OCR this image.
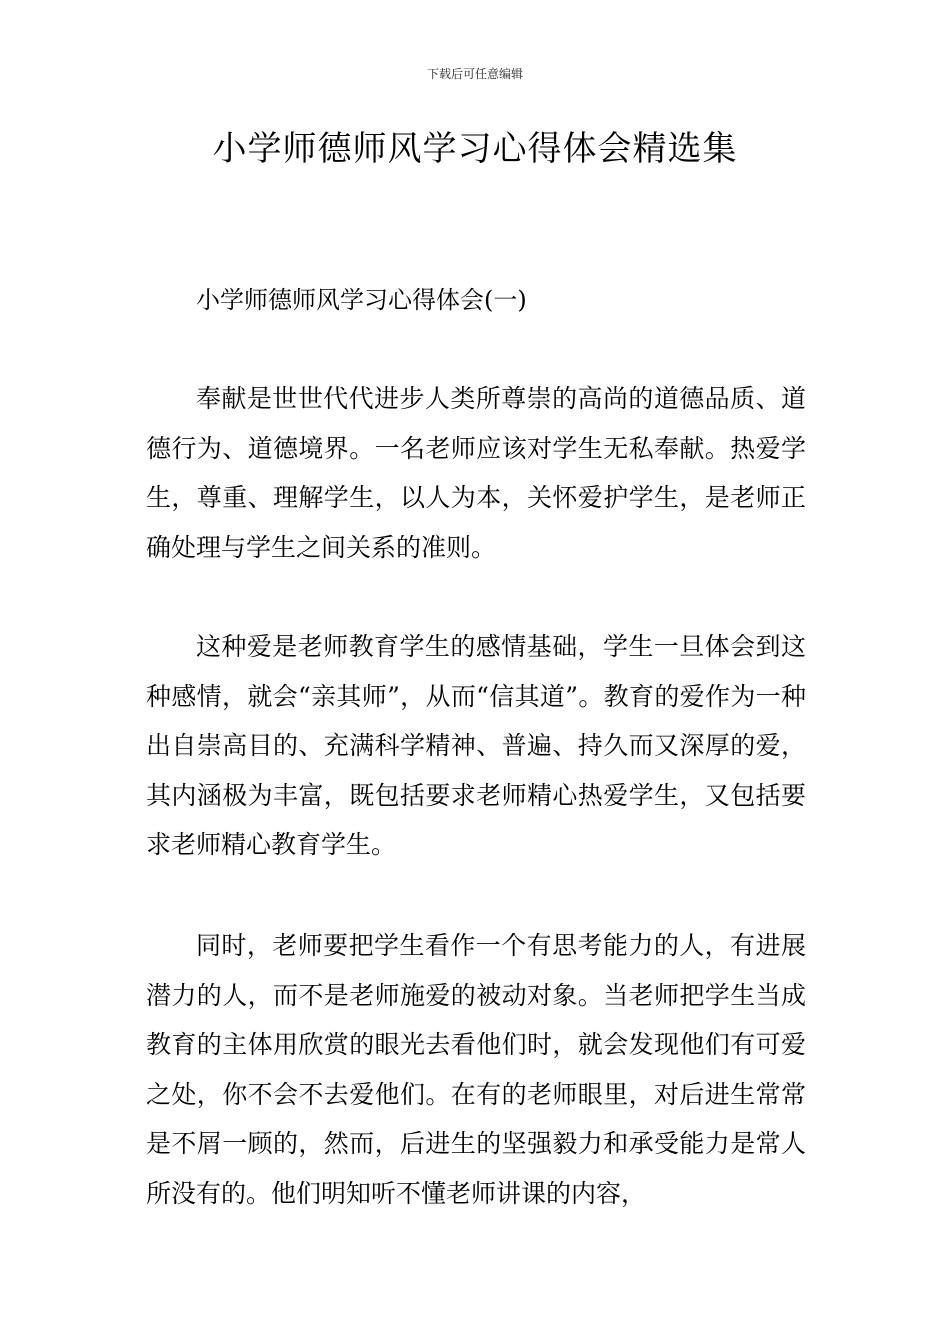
下载后可任意编辑
小学师德师风学习心得体会精选集
小学师德师风学习心得体会(一)

奉献是世世代代进步人类所尊崇的高尚的道德品质、道德行为、道德境界。一名老师应该对学生无私奉献。热爱学生，尊重、理解学生，以人为本，关怀爱护学生，是老师正确处理与学生之间关系的准则。

这种爱是老师教育学生的感情基础，学生一旦体会到这种感情，就会“亲其师”，从而“信其道”。教育的爱作为一种出自崇高目的、充满科学精神、普遍、持久而又深厚的爱，其内涵极为丰富，既包括要求老师精心热爱学生，又包括要求老师精心教育学生。

同时，老师要把学生看作一个有思考能力的人，有进展潜力的人，而不是老师施爱的被动对象。当老师把学生当成教育的主体用欣赏的眼光去看他们时，就会发现他们有可爱之处，你不会不去爱他们。在有的老师眼里，对后进生常常是不屑一顾的，然而，后进生的坚强毅力和承受能力是常人所没有的。他们明知听不懂老师讲课的内容，
